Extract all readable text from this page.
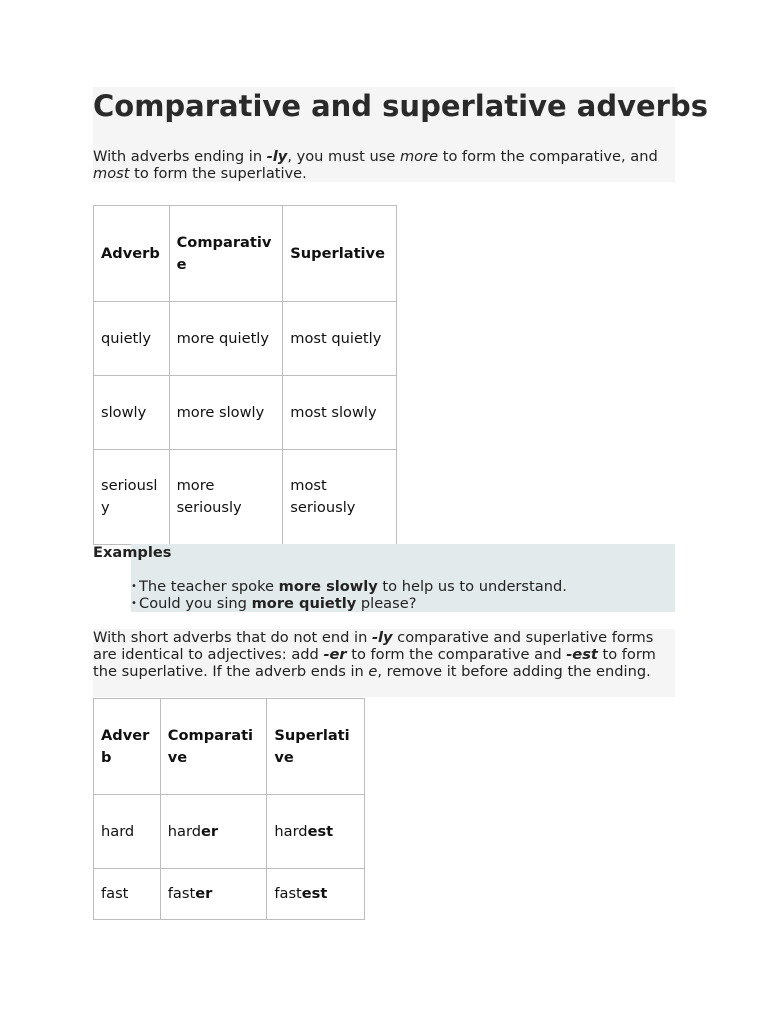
Comparative and superlative adverbs

With adverbs ending in -ly, you must use more to form the comparative, and most to form the superlative.

Adverb	Comparative	Superlative
quietly	more quietly	most quietly
slowly	more slowly	most slowly
seriously	more seriously	most seriously
Examples
• The teacher spoke more slowly to help us to understand.
• Could you sing more quietly please?

With short adverbs that do not end in -ly comparative and superlative forms are identical to adjectives: add -er to form the comparative and -est to form the superlative. If the adverb ends in e, remove it before adding the ending.

Adverb	Comparative	Superlative
hard	harder	hardest
fast	faster	fastest
